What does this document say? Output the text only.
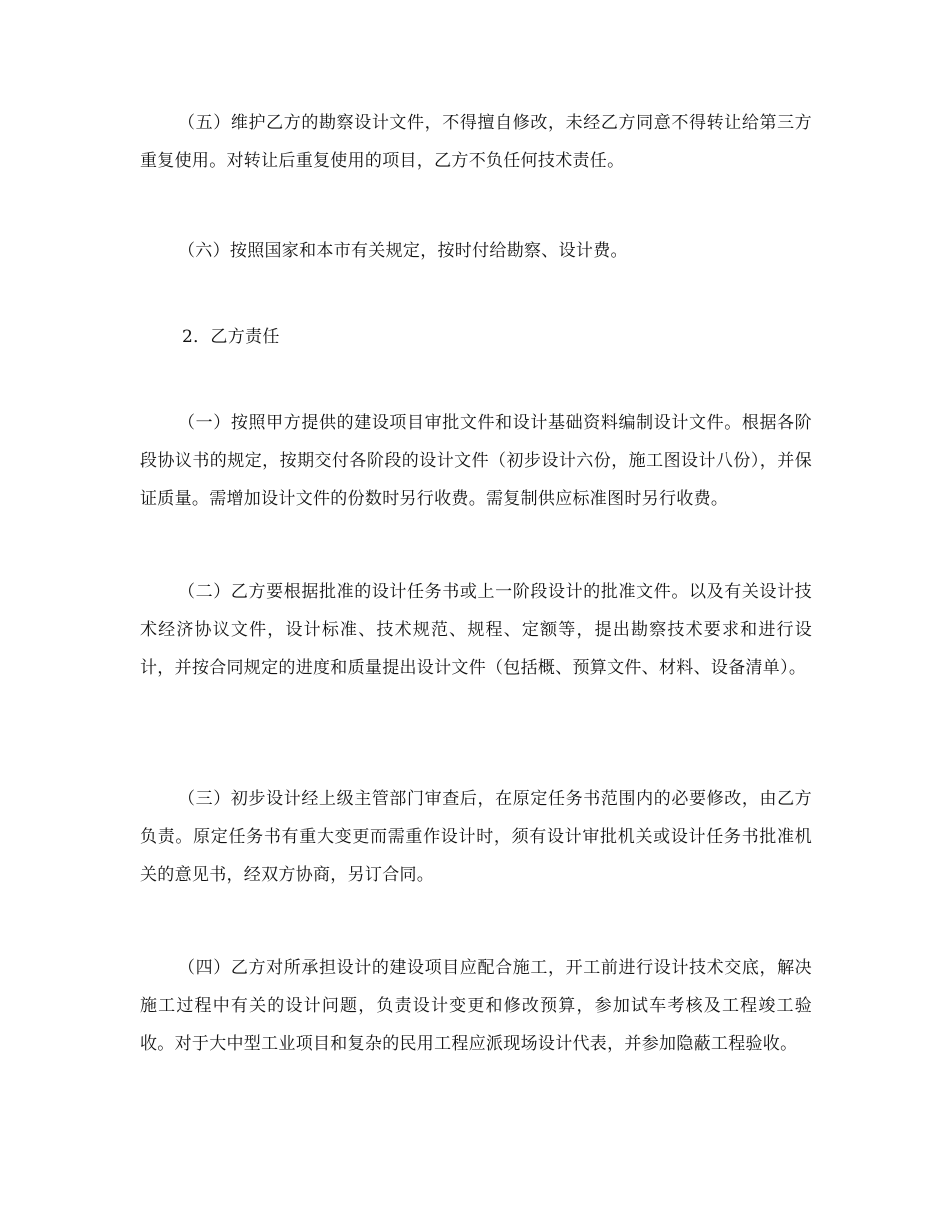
（五）维护乙方的勘察设计文件，不得擅自修改，未经乙方同意不得转让给第三方重复使用。对转让后重复使用的项目，乙方不负任何技术责任。

（六）按照国家和本市有关规定，按时付给勘察、设计费。

2．乙方责任

（一）按照甲方提供的建设项目审批文件和设计基础资料编制设计文件。根据各阶段协议书的规定，按期交付各阶段的设计文件（初步设计六份，施工图设计八份），并保证质量。需增加设计文件的份数时另行收费。需复制供应标准图时另行收费。

（二）乙方要根据批准的设计任务书或上一阶段设计的批准文件。以及有关设计技术经济协议文件，设计标准、技术规范、规程、定额等，提出勘察技术要求和进行设计，并按合同规定的进度和质量提出设计文件（包括概、预算文件、材料、设备清单）。

（三）初步设计经上级主管部门审查后，在原定任务书范围内的必要修改，由乙方负责。原定任务书有重大变更而需重作设计时，须有设计审批机关或设计任务书批准机关的意见书，经双方协商，另订合同。

（四）乙方对所承担设计的建设项目应配合施工，开工前进行设计技术交底，解决施工过程中有关的设计问题，负责设计变更和修改预算，参加试车考核及工程竣工验收。对于大中型工业项目和复杂的民用工程应派现场设计代表，并参加隐蔽工程验收。
